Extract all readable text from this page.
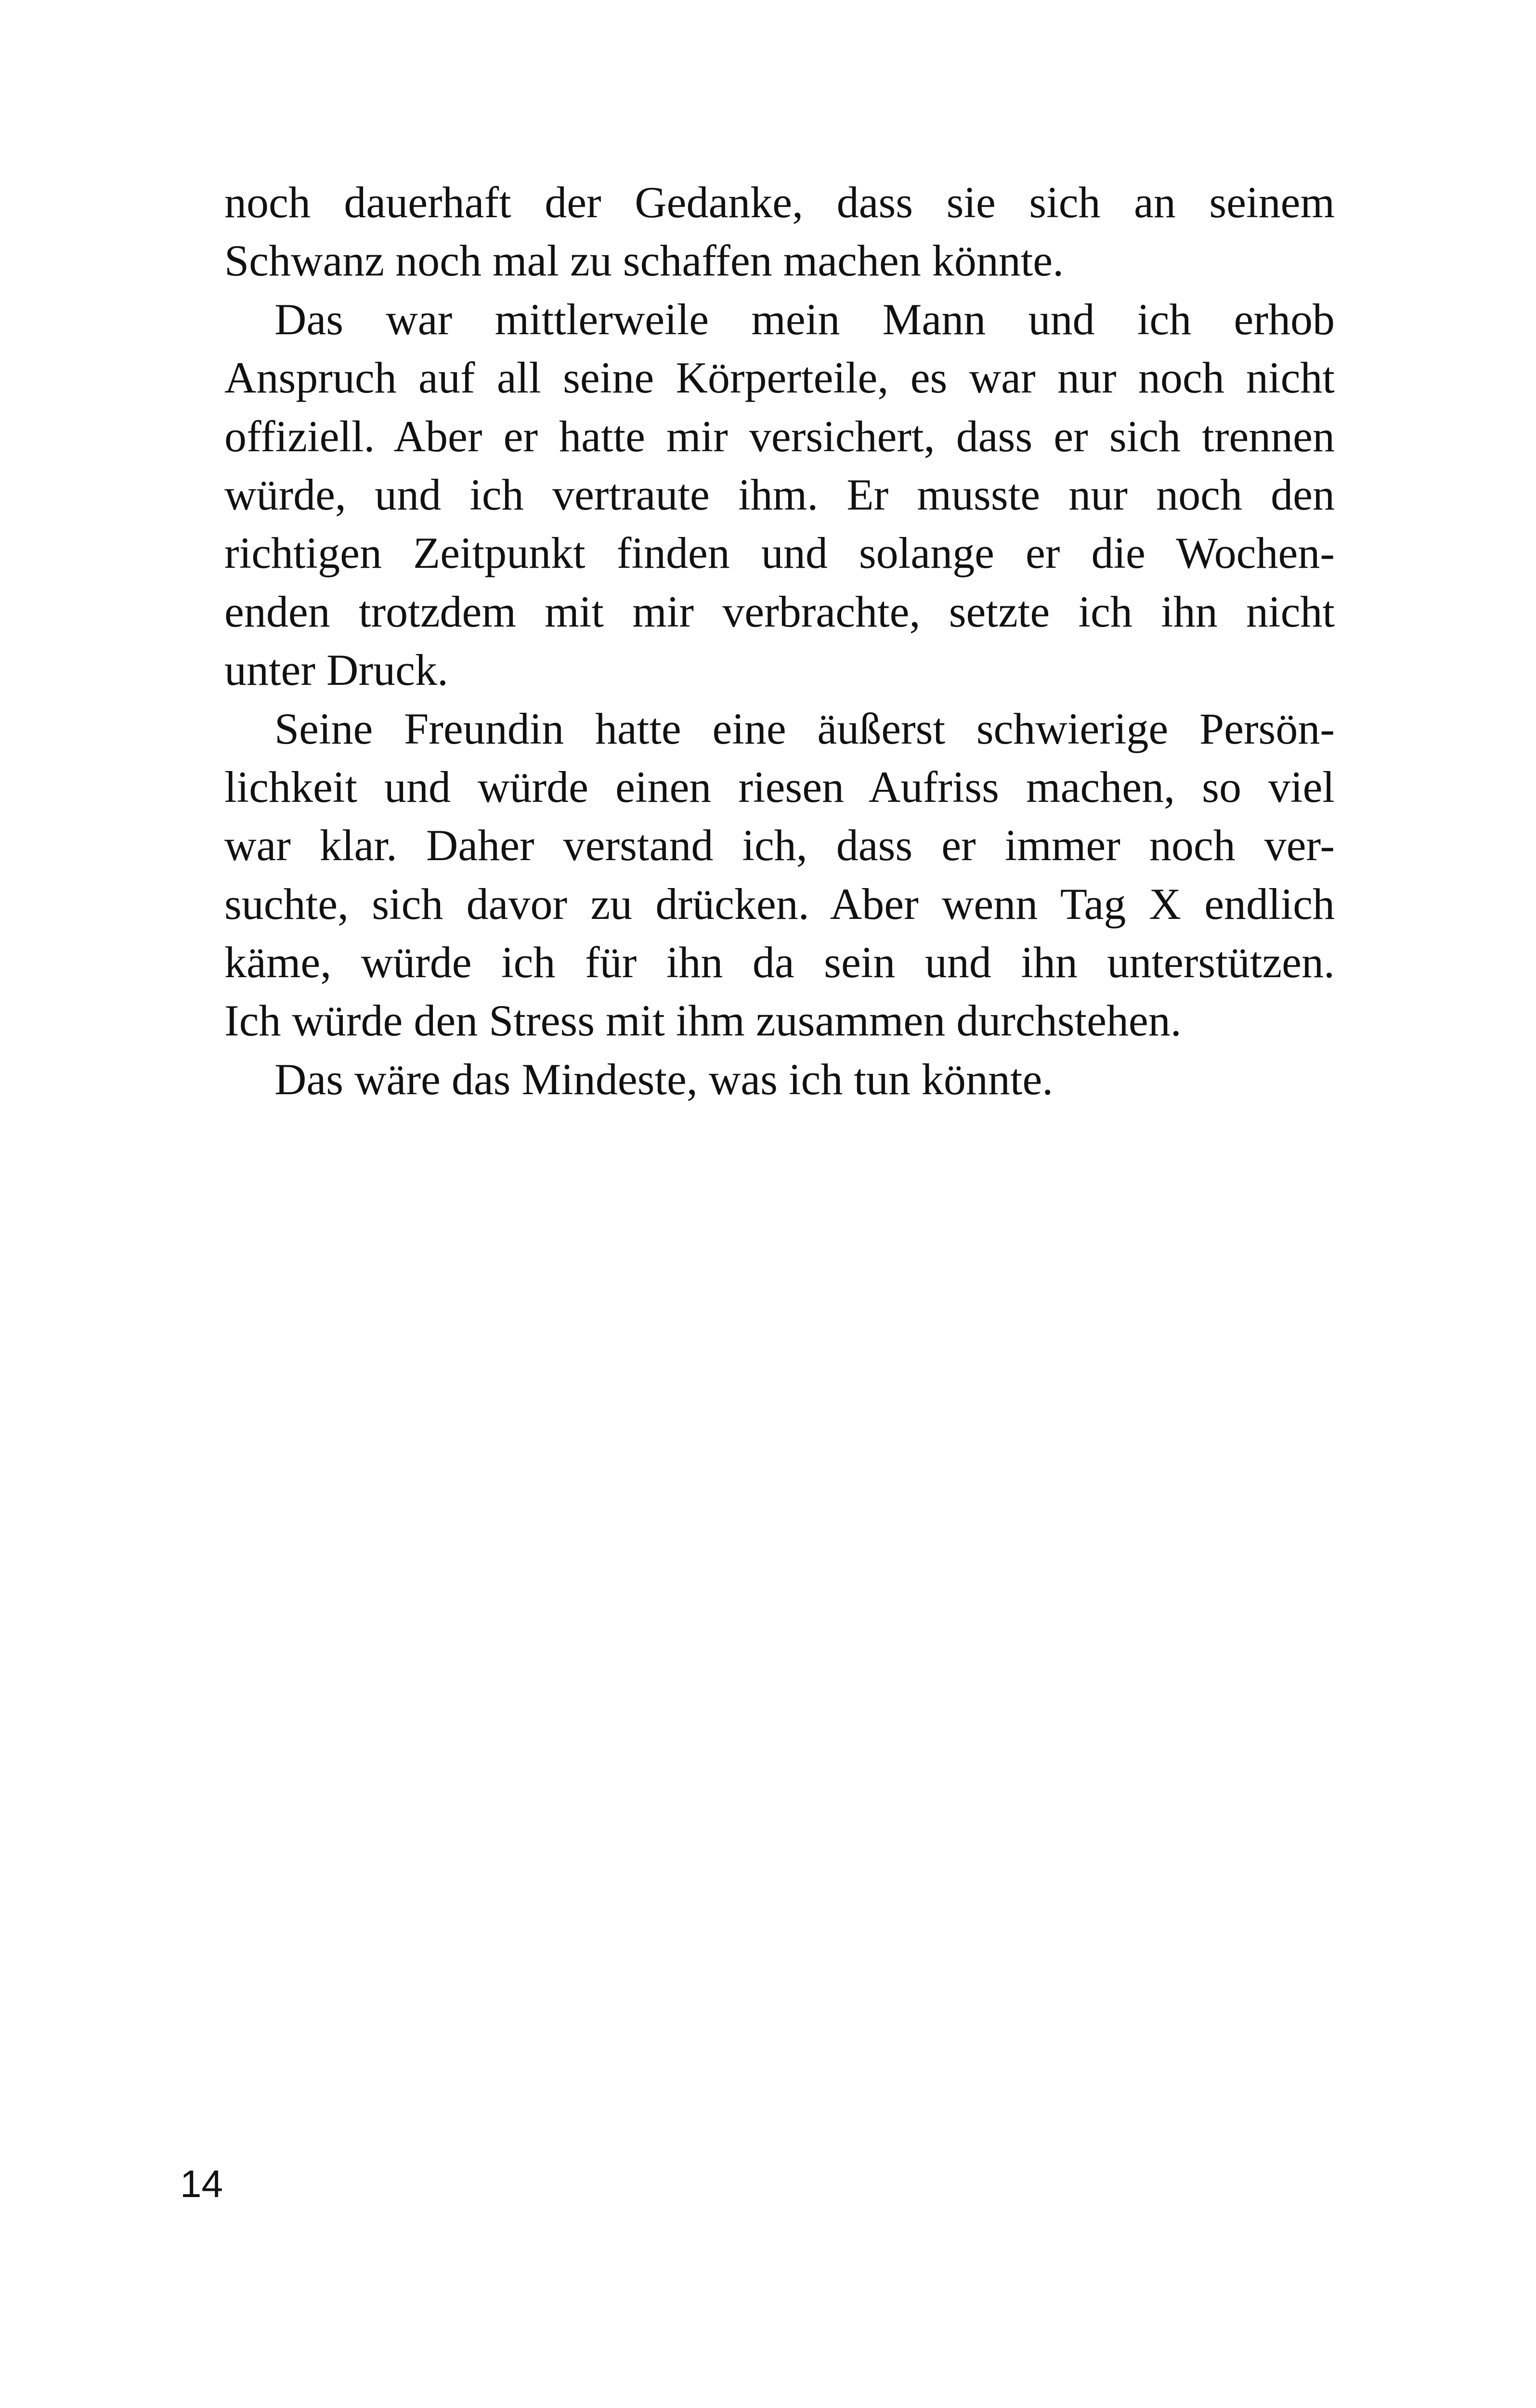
noch dauerhaft der Gedanke, dass sie sich an seinem
Schwanz noch mal zu schaffen machen könnte.
Das war mittlerweile mein Mann und ich erhob
Anspruch auf all seine Körperteile, es war nur noch nicht
offiziell. Aber er hatte mir versichert, dass er sich trennen
würde, und ich vertraute ihm. Er musste nur noch den
richtigen Zeitpunkt finden und solange er die Wochen-
enden trotzdem mit mir verbrachte, setzte ich ihn nicht
unter Druck.
Seine Freundin hatte eine äußerst schwierige Persön-
lichkeit und würde einen riesen Aufriss machen, so viel
war klar. Daher verstand ich, dass er immer noch ver-
suchte, sich davor zu drücken. Aber wenn Tag X endlich
käme, würde ich für ihn da sein und ihn unterstützen.
Ich würde den Stress mit ihm zusammen durchstehen.
Das wäre das Mindeste, was ich tun könnte.
14
